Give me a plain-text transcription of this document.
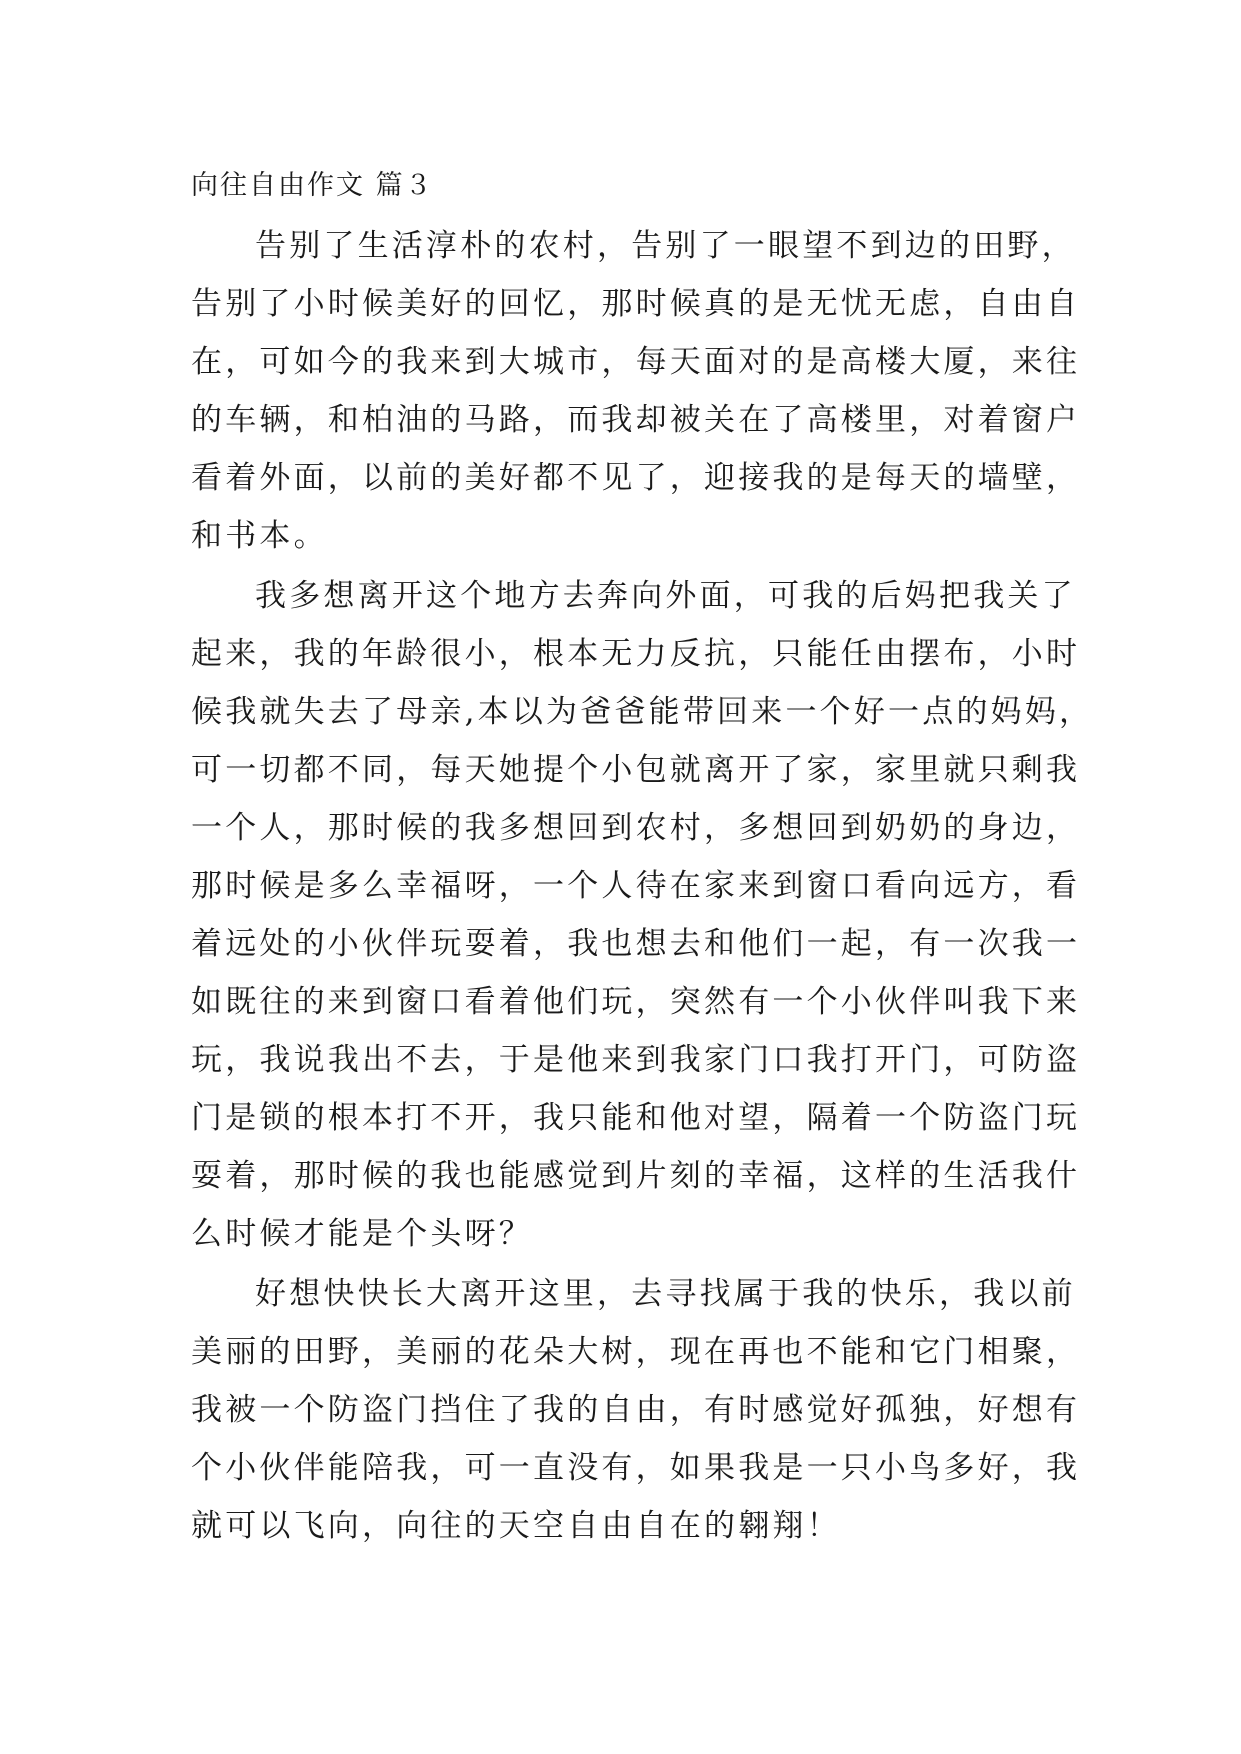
向往自由作文 篇３
告别了生活淳朴的农村，告别了一眼望不到边的田野，
告别了小时候美好的回忆，那时候真的是无忧无虑，自由自
在，可如今的我来到大城市，每天面对的是高楼大厦，来往
的车辆，和柏油的马路，而我却被关在了高楼里，对着窗户
看着外面，以前的美好都不见了，迎接我的是每天的墙壁，
和书本。
我多想离开这个地方去奔向外面，可我的后妈把我关了
起来，我的年龄很小，根本无力反抗，只能任由摆布，小时
候我就失去了母亲,本以为爸爸能带回来一个好一点的妈妈，
可一切都不同，每天她提个小包就离开了家，家里就只剩我
一个人，那时候的我多想回到农村，多想回到奶奶的身边，
那时候是多么幸福呀，一个人待在家来到窗口看向远方，看
着远处的小伙伴玩耍着，我也想去和他们一起，有一次我一
如既往的来到窗口看着他们玩，突然有一个小伙伴叫我下来
玩，我说我出不去，于是他来到我家门口我打开门，可防盗
门是锁的根本打不开，我只能和他对望，隔着一个防盗门玩
耍着，那时候的我也能感觉到片刻的幸福，这样的生活我什
么时候才能是个头呀？
好想快快长大离开这里，去寻找属于我的快乐，我以前
美丽的田野，美丽的花朵大树，现在再也不能和它门相聚，
我被一个防盗门挡住了我的自由，有时感觉好孤独，好想有
个小伙伴能陪我，可一直没有，如果我是一只小鸟多好，我
就可以飞向，向往的天空自由自在的翱翔！
